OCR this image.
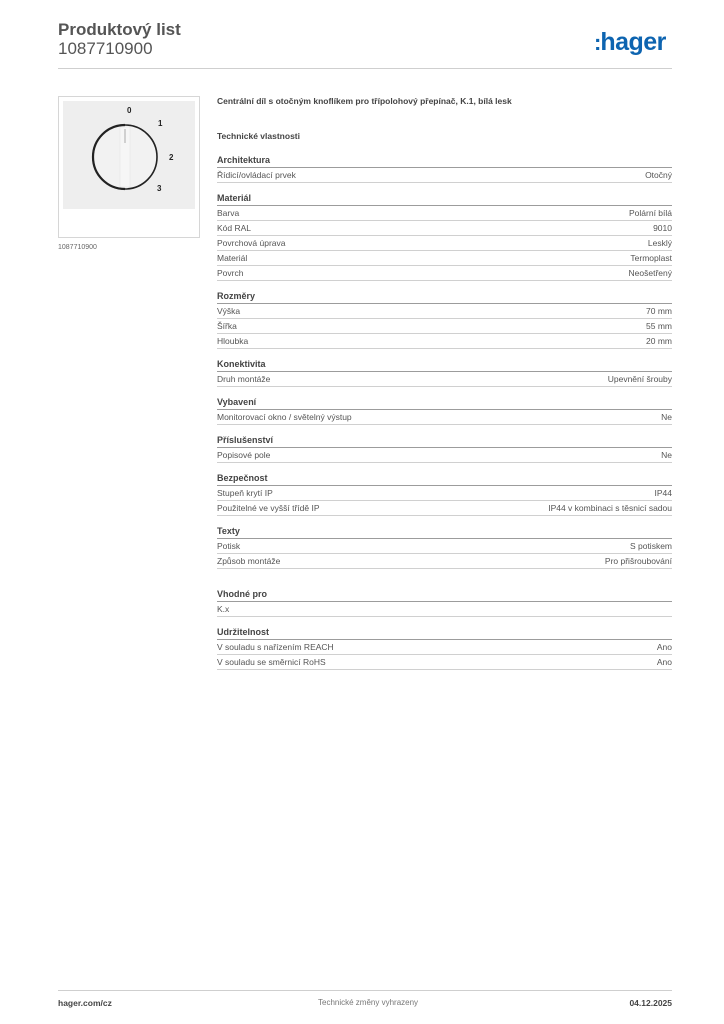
Produktový list
1087710900	:hager
0
1
2
3
1087710900
Centrální díl s otočným knoflíkem pro třípolohový přepínač, K.1, bílá lesk
Technické vlastnosti
Architektura
Řídicí/ovládací prvek	Otočný
Materiál
Barva	Polární bílá
Kód RAL	9010
Povrchová úprava	Lesklý
Materiál	Termoplast
Povrch	Neošetřený
Rozměry
Výška	70 mm
Šířka	55 mm
Hloubka	20 mm
Konektivita
Druh montáže	Upevnění šrouby
Vybavení
Monitorovací okno / světelný výstup	Ne
Příslušenství
Popisové pole	Ne
Bezpečnost
Stupeň krytí IP	IP44
Použitelné ve vyšší třídě IP	IP44 v kombinaci s těsnicí sadou
Texty
Potisk	S potiskem
Způsob montáže	Pro přišroubování
Vhodné pro
K.x
Udržitelnost
V souladu s nařízením REACH	Ano
V souladu se směrnicí RoHS	Ano
hager.com/cz	Technické změny vyhrazeny	04.12.2025
